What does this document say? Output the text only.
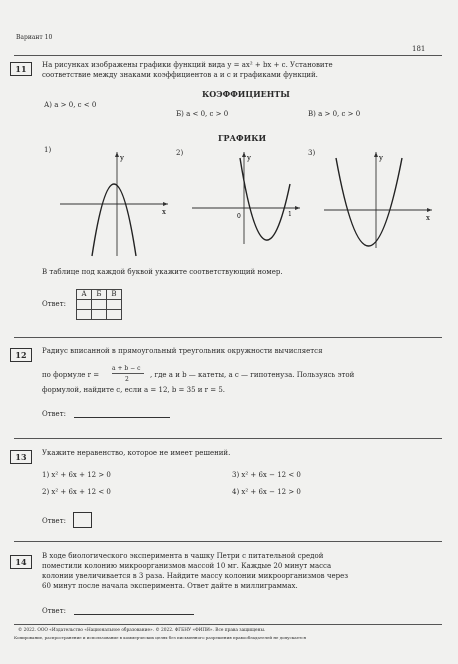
Вариант 10
181
11	На рисунках изображены графики функций вида y = ax² + bx + c. Установите
соответствие между знаками коэффициентов a и c и графиками функций.
КОЭФФИЦИЕНТЫ
А) a > 0, c < 0
Б) a < 0, c > 0	В) a > 0, c > 0
ГРАФИКИ
1)	2)	3)
y
x
y
0	1
y
x
В таблице под каждой буквой укажите соответствующий номер.
Ответ:
А	Б	В

12	Радиус вписанной в прямоугольный треугольник окружности вычисляется
по формуле r =
a + b − c
2
, где a и b — катеты, а c — гипотенуза. Пользуясь этой
формулой, найдите c, если a = 12, b = 35 и r = 5.
Ответ:
13	Укажите неравенство, которое не имеет решений.
1) x² + 6x + 12 > 0	3) x² + 6x − 12 < 0
2) x² + 6x + 12 < 0	4) x² + 6x − 12 > 0
Ответ:
14
В ходе биологического эксперимента в чашку Петри с питательной средой
поместили колонию микроорганизмов массой 10 мг. Каждые 20 минут масса
колонии увеличивается в 3 раза. Найдите массу колонии микроорганизмов через
60 минут после начала эксперимента. Ответ дайте в миллиграммах.
Ответ:
© 2022. ООО «Издательство «Национальное образование». © 2022. ФГБНУ «ФИПИ». Все права защищены.
Копирование, распространение и использование в коммерческих целях без письменного разрешения правообладателей не допускается
